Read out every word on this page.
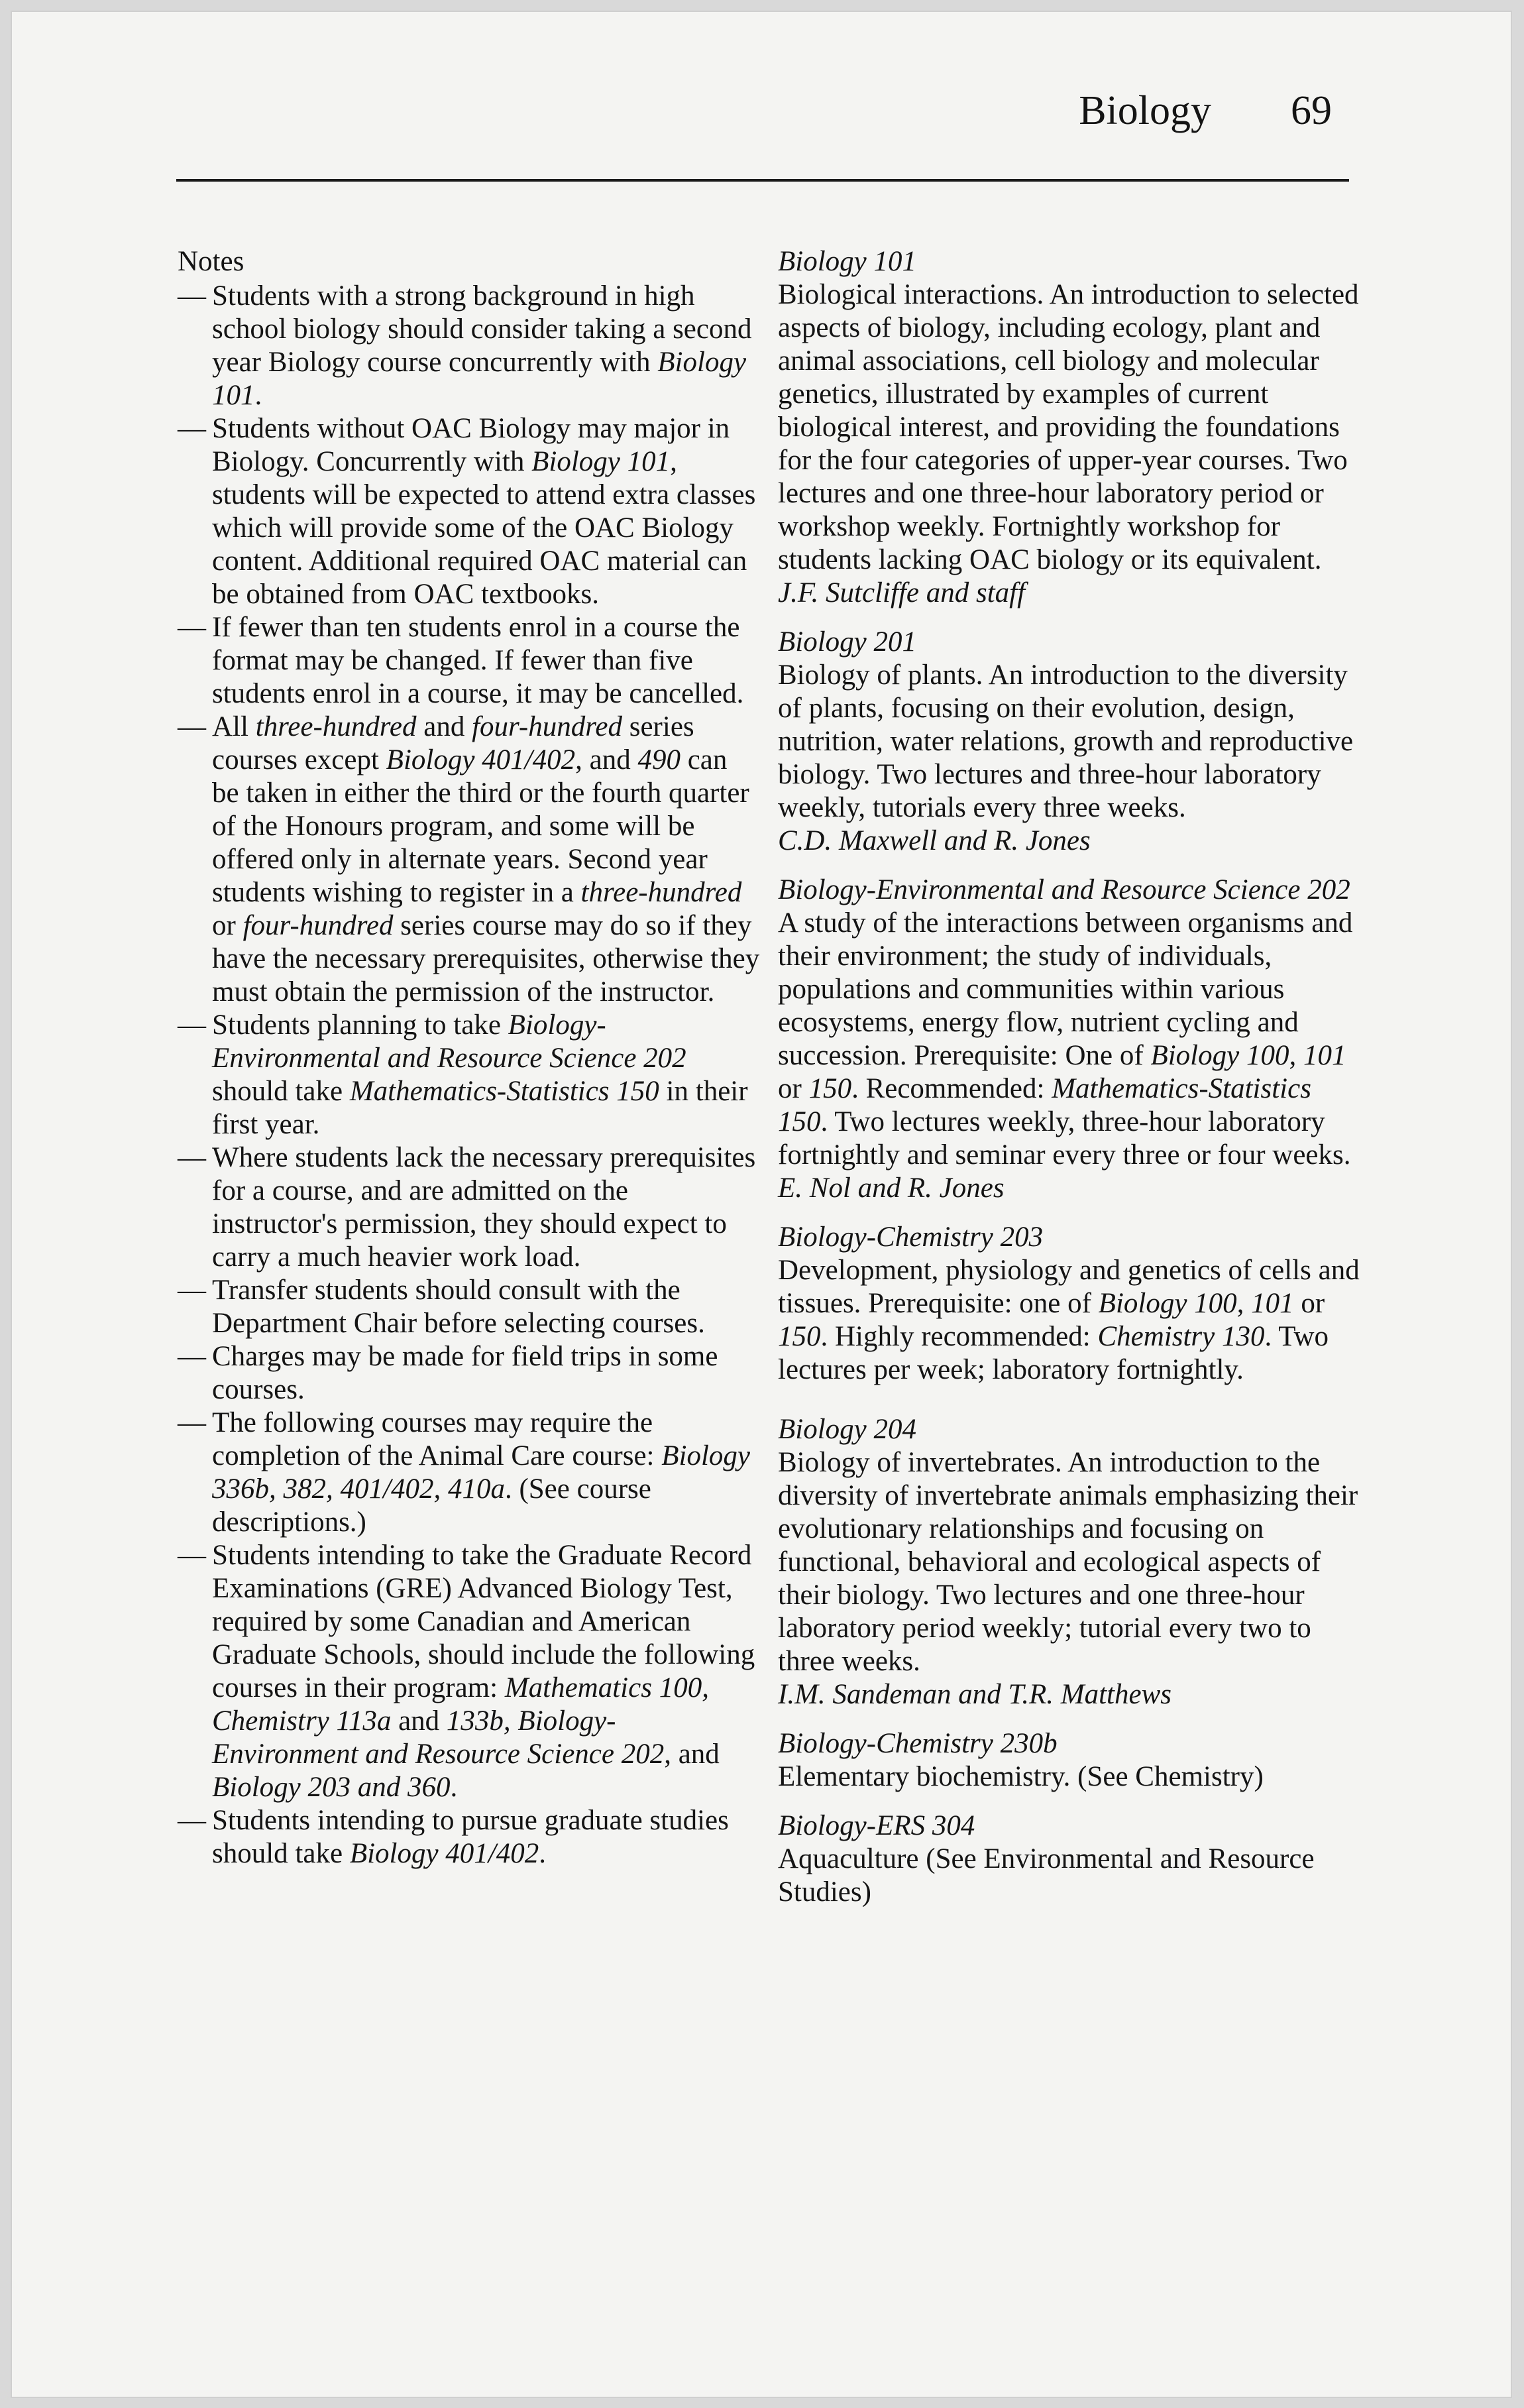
Biology 69
Notes
— Students with a strong background in high school biology should consider taking a second year Biology course concurrently with Biology 101.
— Students without OAC Biology may major in Biology. Concurrently with Biology 101, students will be expected to attend extra classes which will provide some of the OAC Biology content. Additional required OAC material can be obtained from OAC textbooks.
— If fewer than ten students enrol in a course the format may be changed. If fewer than five students enrol in a course, it may be cancelled.
— All three-hundred and four-hundred series courses except Biology 401/402, and 490 can be taken in either the third or the fourth quarter of the Honours program, and some will be offered only in alternate years. Second year students wishing to register in a three-hundred or four-hundred series course may do so if they have the necessary prerequisites, otherwise they must obtain the permission of the instructor.
— Students planning to take Biology-Environmental and Resource Science 202 should take Mathematics-Statistics 150 in their first year.
— Where students lack the necessary prerequisites for a course, and are admitted on the instructor's permission, they should expect to carry a much heavier work load.
— Transfer students should consult with the Department Chair before selecting courses.
— Charges may be made for field trips in some courses.
— The following courses may require the completion of the Animal Care course: Biology 336b, 382, 401/402, 410a. (See course descriptions.)
— Students intending to take the Graduate Record Examinations (GRE) Advanced Biology Test, required by some Canadian and American Graduate Schools, should include the following courses in their program: Mathematics 100, Chemistry 113a and 133b, Biology-Environment and Resource Science 202, and Biology 203 and 360.
— Students intending to pursue graduate studies should take Biology 401/402.
Biology 101
Biological interactions. An introduction to selected aspects of biology, including ecology, plant and animal associations, cell biology and molecular genetics, illustrated by examples of current biological interest, and providing the foundations for the four categories of upper-year courses. Two lectures and one three-hour laboratory period or workshop weekly. Fortnightly workshop for students lacking OAC biology or its equivalent.
J.F. Sutcliffe and staff
Biology 201
Biology of plants. An introduction to the diversity of plants, focusing on their evolution, design, nutrition, water relations, growth and reproductive biology. Two lectures and three-hour laboratory weekly, tutorials every three weeks.
C.D. Maxwell and R. Jones
Biology-Environmental and Resource Science 202
A study of the interactions between organisms and their environment; the study of individuals, populations and communities within various ecosystems, energy flow, nutrient cycling and succession. Prerequisite: One of Biology 100, 101 or 150. Recommended: Mathematics-Statistics 150. Two lectures weekly, three-hour laboratory fortnightly and seminar every three or four weeks.
E. Nol and R. Jones
Biology-Chemistry 203
Development, physiology and genetics of cells and tissues. Prerequisite: one of Biology 100, 101 or 150. Highly recommended: Chemistry 130. Two lectures per week; laboratory fortnightly.
Biology 204
Biology of invertebrates. An introduction to the diversity of invertebrate animals emphasizing their evolutionary relationships and focusing on functional, behavioral and ecological aspects of their biology. Two lectures and one three-hour laboratory period weekly; tutorial every two to three weeks.
I.M. Sandeman and T.R. Matthews
Biology-Chemistry 230b
Elementary biochemistry. (See Chemistry)
Biology-ERS 304
Aquaculture (See Environmental and Resource Studies)
